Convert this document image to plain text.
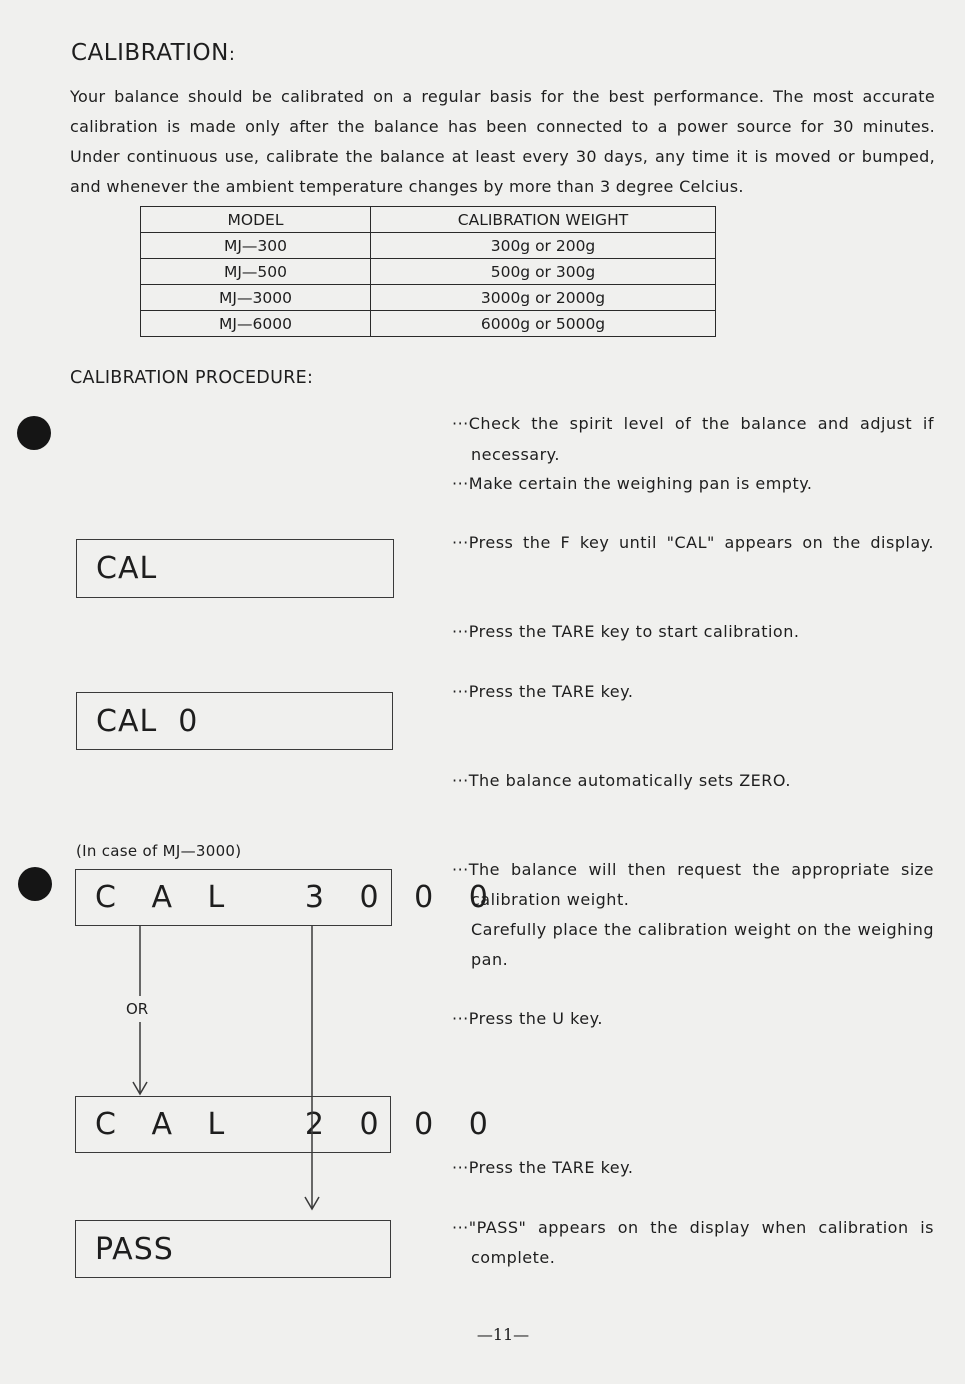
CALIBRATION:
Your balance should be calibrated on a regular basis for the best performance. The most accurate
calibration is made only after the balance has been connected to a power source for 30 minutes.
Under continuous use, calibrate the balance at least every 30 days, any time it is moved or bumped,
and whenever the ambient temperature changes by more than 3 degree Celcius.
MODEL	CALIBRATION WEIGHT
MJ—300	300g or 200g
MJ—500	500g or 300g
MJ—3000	3000g or 2000g
MJ—6000	6000g or 5000g
CALIBRATION PROCEDURE:
CAL
CAL  0
(In case of MJ—3000)
C A L   3 0 0 0
C A L   2 0 0 0
PASS
OR
···Check the spirit level of the balance and adjust if
necessary.
···Make certain the weighing pan is empty.
···Press the F key until "CAL" appears on the display.
···Press the TARE key to start calibration.
···Press the TARE key.
···The balance automatically sets ZERO.
···The balance will then request the appropriate size
calibration weight.
Carefully place the calibration weight on the weighing
pan.
···Press the U key.
···Press the TARE key.
···"PASS" appears on the display when calibration is
complete.
—11—
